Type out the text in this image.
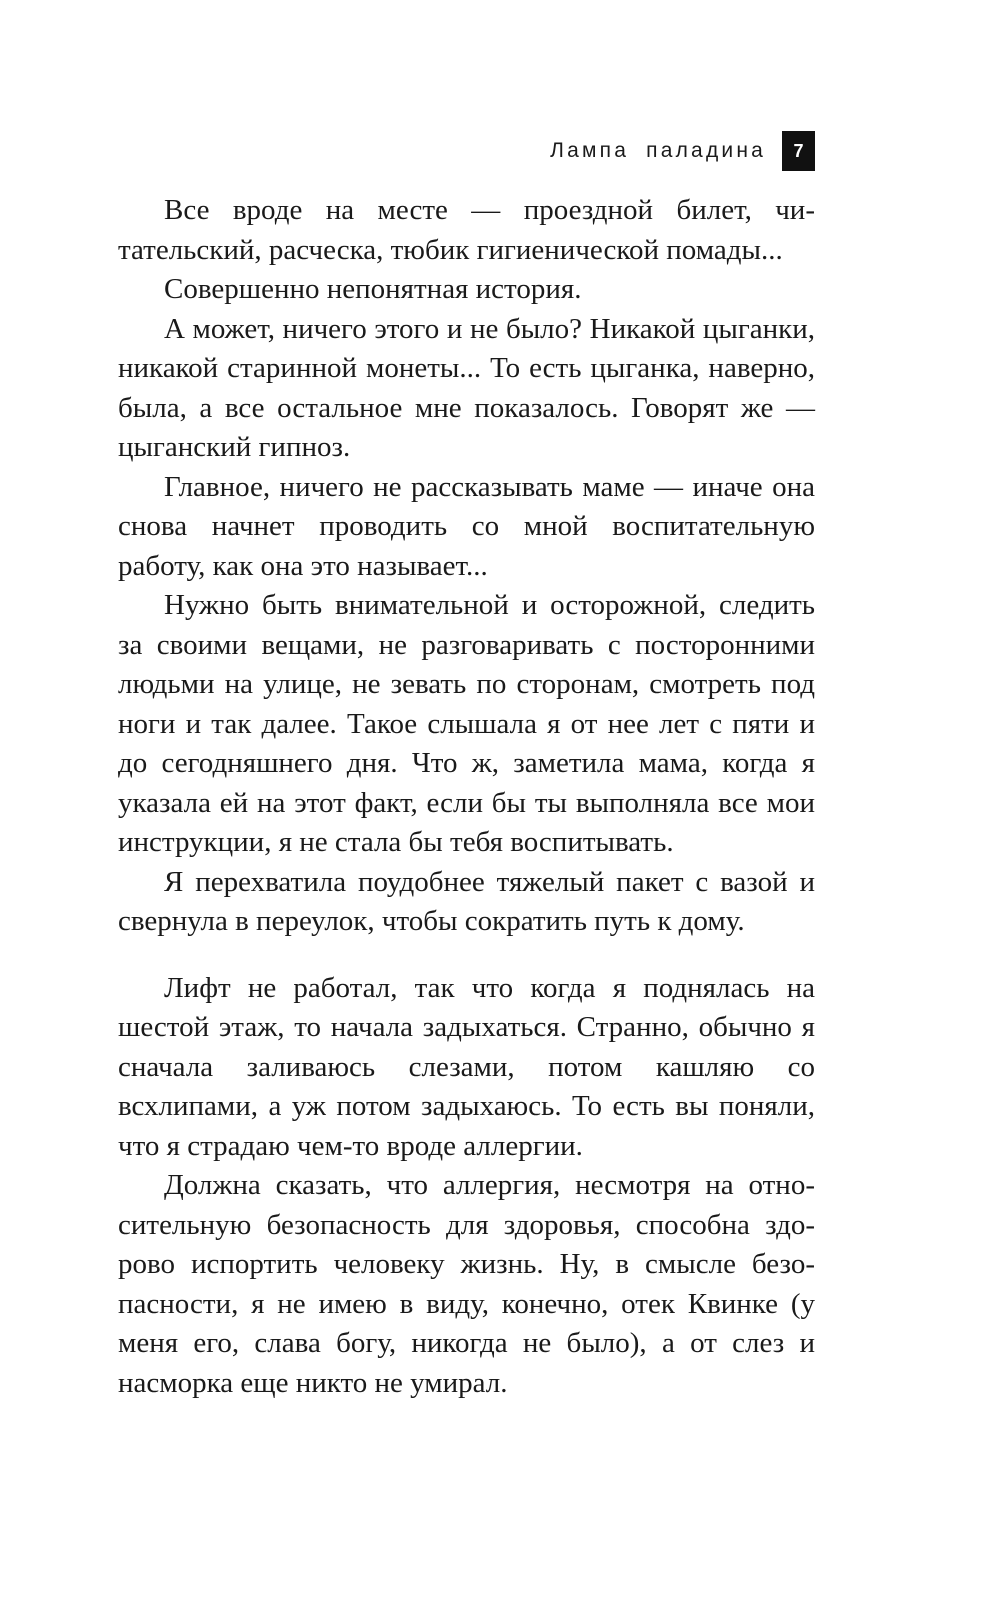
Лампа паладина	7

Все вроде на месте — проездной билет, читательский, расческа, тюбик гигиенической помады...

Совершенно непонятная история.

А может, ничего этого и не было? Никакой цыганки, никакой старинной монеты... То есть цыганка, наверно, была, а все остальное мне показалось. Говорят же — цыганский гипноз.

Главное, ничего не рассказывать маме — иначе она снова начнет проводить со мной воспитательную работу, как она это называет...

Нужно быть внимательной и осторожной, следить за своими вещами, не разговаривать с посторонними людьми на улице, не зевать по сторонам, смотреть под ноги и так далее. Такое слышала я от нее лет с пяти и до сегодняшнего дня. Что ж, заметила мама, когда я указала ей на этот факт, если бы ты выполняла все мои инструкции, я не стала бы тебя воспитывать.

Я перехватила поудобнее тяжелый пакет с вазой и свернула в переулок, чтобы сократить путь к дому.

Лифт не работал, так что когда я поднялась на шестой этаж, то начала задыхаться. Странно, обычно я сначала заливаюсь слезами, потом кашляю со всхлипами, а уж потом задыхаюсь. То есть вы поняли, что я страдаю чем-то вроде аллергии.

Должна сказать, что аллергия, несмотря на относительную безопасность для здоровья, способна здорово испортить человеку жизнь. Ну, в смысле безопасности, я не имею в виду, конечно, отек Квинке (у меня его, слава богу, никогда не было), а от слез и насморка еще никто не умирал.
